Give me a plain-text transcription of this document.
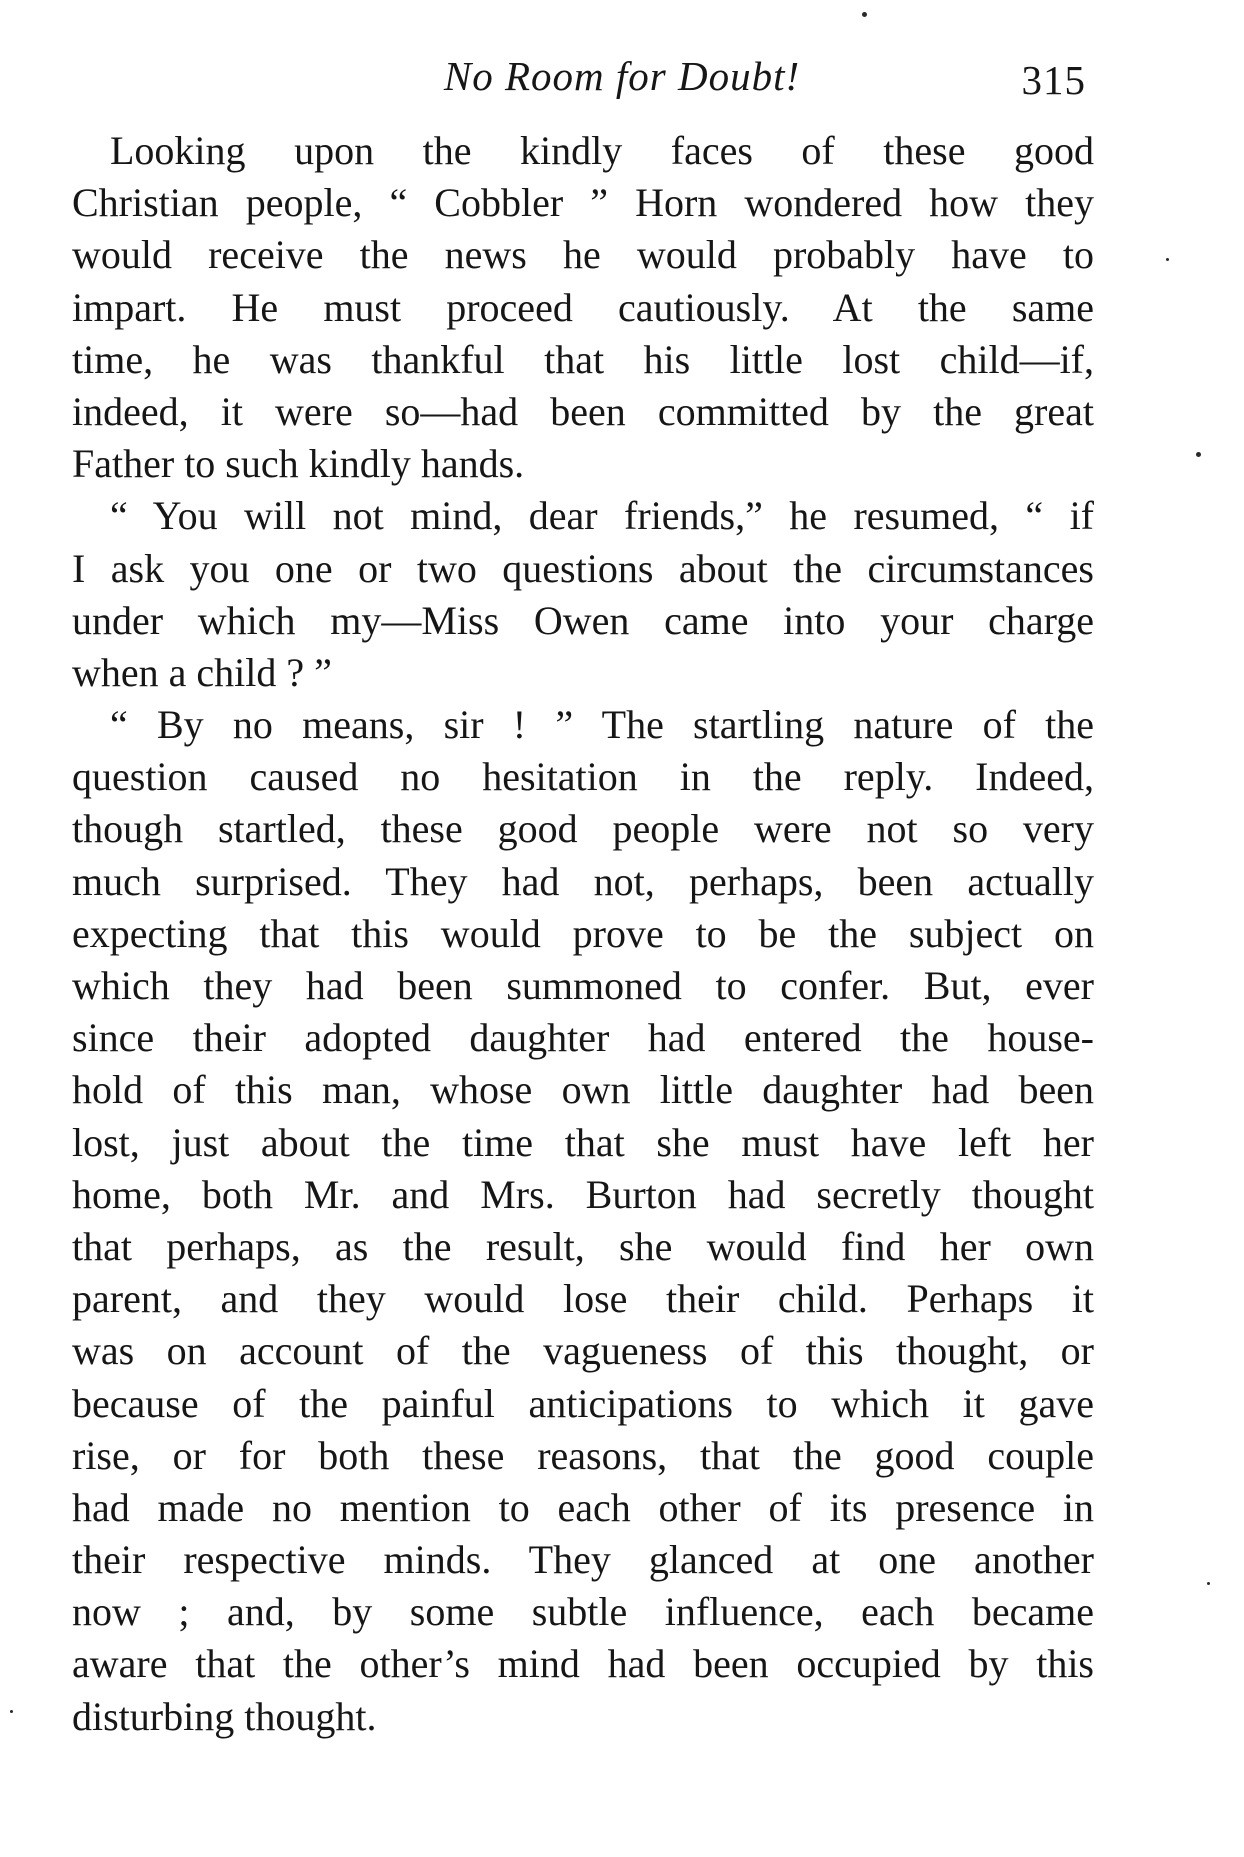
No Room for Doubt!	315
Looking upon the kindly faces of these good
Christian people, “ Cobbler ” Horn wondered how they
would receive the news he would probably have to
impart. He must proceed cautiously. At the same
time, he was thankful that his little lost child—if,
indeed, it were so—had been committed by the great
Father to such kindly hands.
“ You will not mind, dear friends,” he resumed, “ if
I ask you one or two questions about the circumstances
under which my—Miss Owen came into your charge
when a child ? ”
“ By no means, sir ! ” The startling nature of the
question caused no hesitation in the reply. Indeed,
though startled, these good people were not so very
much surprised. They had not, perhaps, been actually
expecting that this would prove to be the subject on
which they had been summoned to confer. But, ever
since their adopted daughter had entered the house-
hold of this man, whose own little daughter had been
lost, just about the time that she must have left her
home, both Mr. and Mrs. Burton had secretly thought
that perhaps, as the result, she would find her own
parent, and they would lose their child. Perhaps it
was on account of the vagueness of this thought, or
because of the painful anticipations to which it gave
rise, or for both these reasons, that the good couple
had made no mention to each other of its presence in
their respective minds. They glanced at one another
now ; and, by some subtle influence, each became
aware that the other’s mind had been occupied by this
disturbing thought.
